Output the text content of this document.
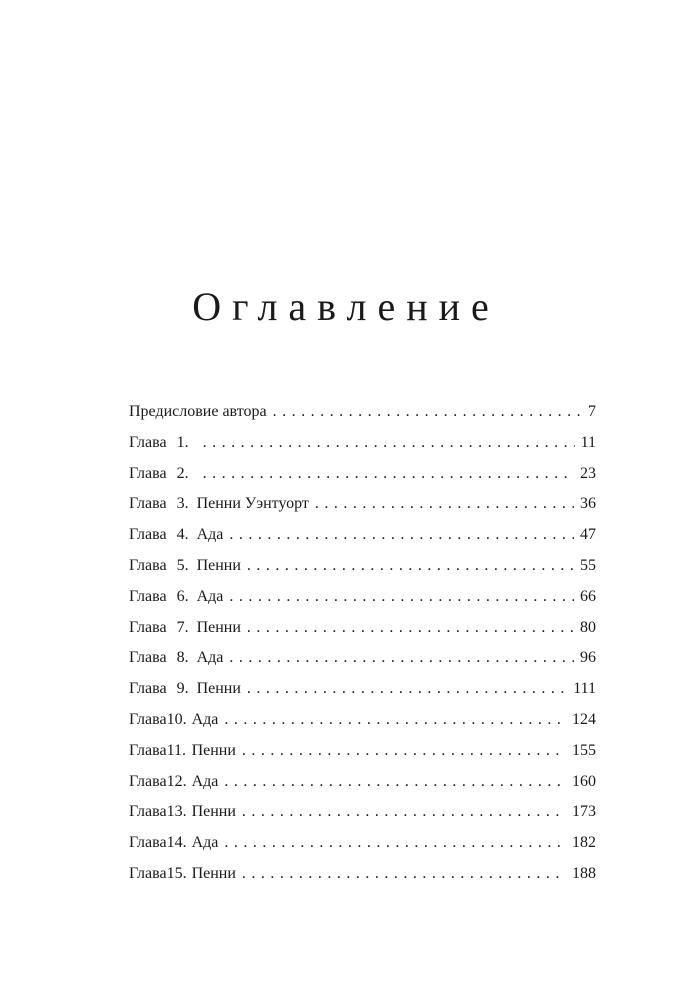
Оглавление
Предисловие автора . . .	7
Глава 1. . . .	11
Глава 2. . . .	23
Глава 3. Пенни Уэнтуорт . . .	36
Глава 4. Ада . . .	47
Глава 5. Пенни . . .	55
Глава 6. Ада . . .	66
Глава 7. Пенни . . .	80
Глава 8. Ада . . .	96
Глава 9. Пенни . . .	111
Глава 10. Ада . . .	124
Глава 11. Пенни . . .	155
Глава 12. Ада . . .	160
Глава 13. Пенни . . .	173
Глава 14. Ада . . .	182
Глава 15. Пенни . . .	188
